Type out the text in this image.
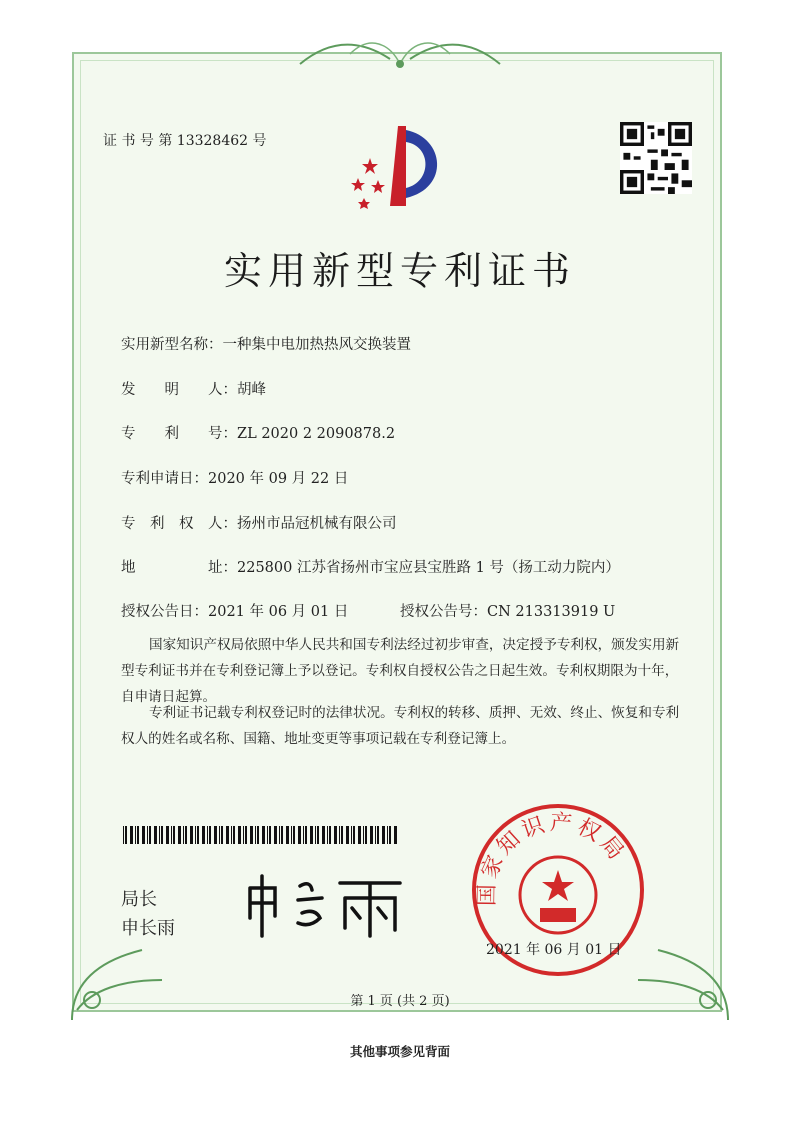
证 书 号 第 13328462 号
实用新型专利证书
实用新型名称：一种集中电加热热风交换装置
发　　明　　人：胡峰
专　　利　　号：ZL 2020 2 2090878.2
专利申请日：2020 年 09 月 22 日
专　利　权　人：扬州市品冠机械有限公司
地　　　　　址：225800 江苏省扬州市宝应县宝胜路 1 号（扬工动力院内）
授权公告日：2021 年 06 月 01 日	授权公告号：CN 213313919 U
国家知识产权局依照中华人民共和国专利法经过初步审查，决定授予专利权，颁发实用新型专利证书并在专利登记簿上予以登记。专利权自授权公告之日起生效。专利权期限为十年，自申请日起算。
专利证书记载专利权登记时的法律状况。专利权的转移、质押、无效、终止、恢复和专利权人的姓名或名称、国籍、地址变更等事项记载在专利登记簿上。
局长
申长雨
国家知识产权局
2021 年 06 月 01 日
第 1 页 (共 2 页)
其他事项参见背面
